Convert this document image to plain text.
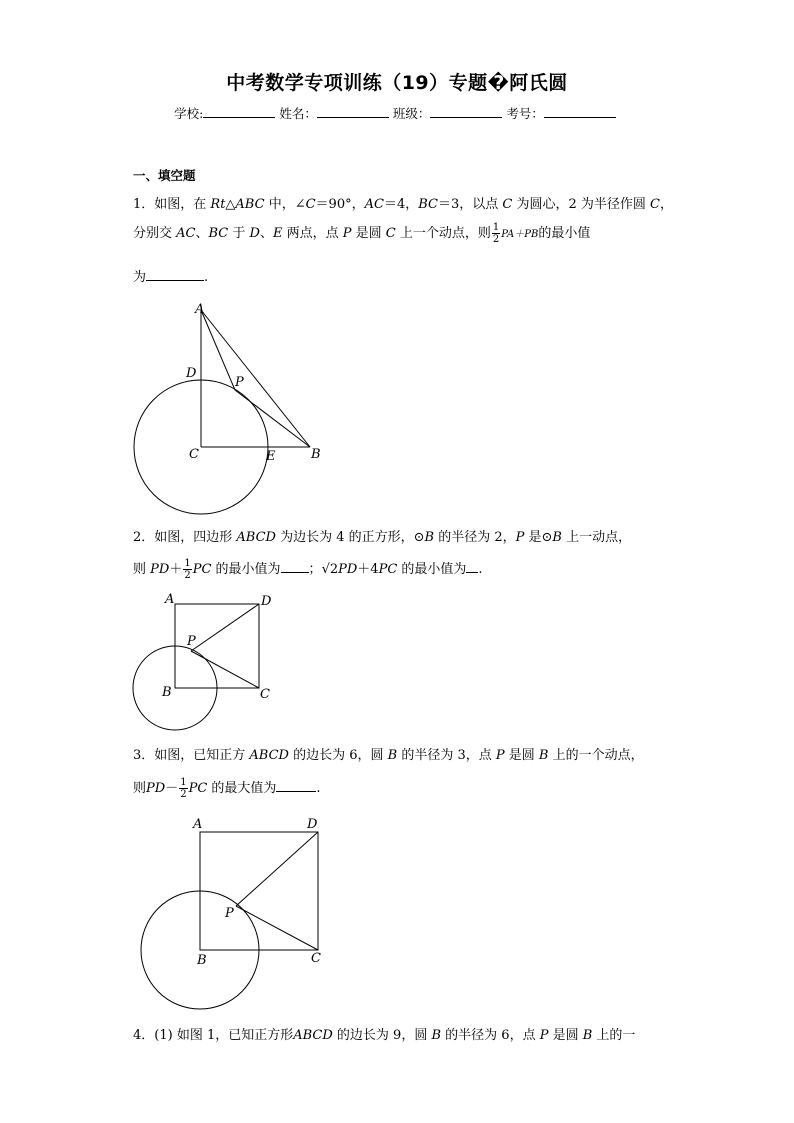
中考数学专项训练（19）专题�阿氏圆
学校:	姓名：	班级：	考号：
一、填空题
1．如图，在 Rt△ABC 中，∠C＝90°，AC＝4，BC＝3，以点 C 为圆心，2 为半径作圆 C，
分别交 AC、BC 于 D、E 两点，点 P 是圆 C 上一个动点，则 $\frac{1}{2} PA+PB$的最小值
为	.
A
D
P
C	E	B
2．如图，四边形 ABCD 为边长为 4 的正方形，⊙B 的半径为 2，P 是⊙B 上一动点，
则 $PD+ \frac{1}{2}$ PC 的最小值为 ；√2PD＋4PC 的最小值为 .
A	D
P
B	C
3．如图，已知正方 ABCD 的边长为 6，圆 B 的半径为 3，点 P 是圆 B 上的一个动点，
则$PD- \frac{1}{2}$ PC 的最大值为	.
A	D
P
B	C
4．(1) 如图 1，已知正方形ABCD 的边长为 9，圆 B 的半径为 6，点 P 是圆 B 上的一
